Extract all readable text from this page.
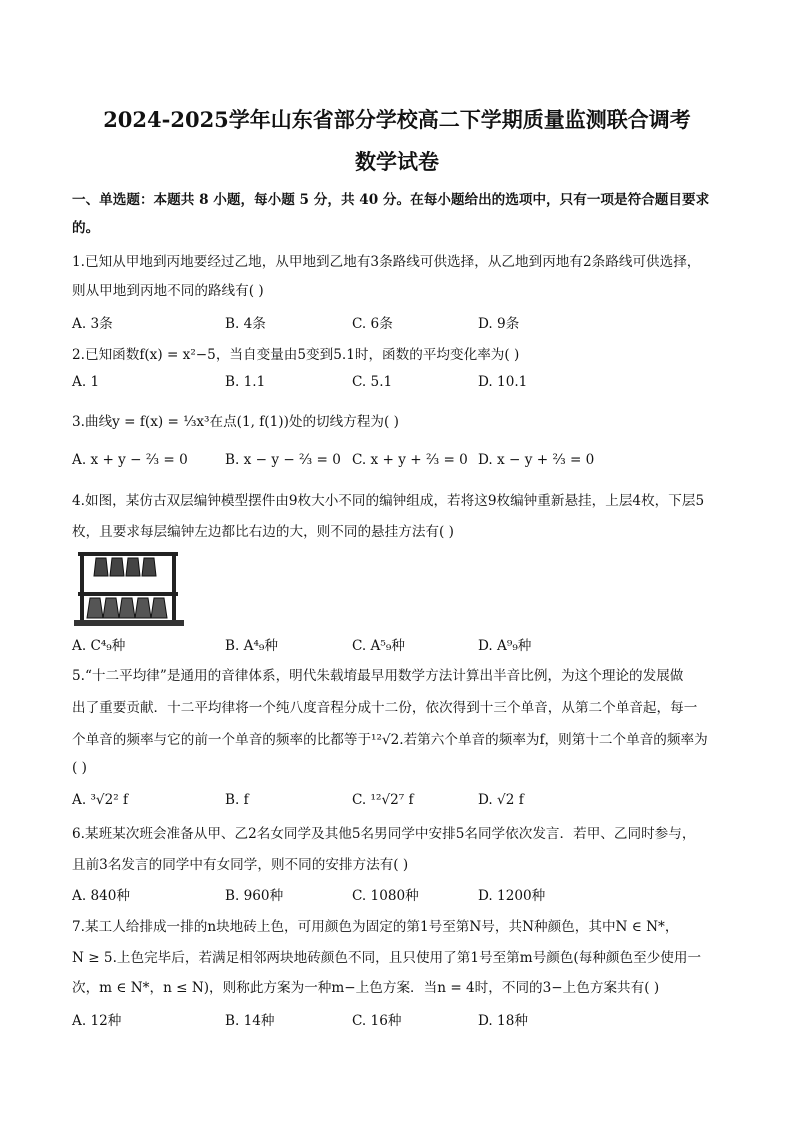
2024-2025学年山东省部分学校高二下学期质量监测联合调考
数学试卷
一、单选题：本题共 8 小题，每小题 5 分，共 40 分。在每小题给出的选项中，只有一项是符合题目要求
的。
1.已知从甲地到丙地要经过乙地，从甲地到乙地有3条路线可供选择，从乙地到丙地有2条路线可供选择，
则从甲地到丙地不同的路线有( )
A. 3条	B. 4条	C. 6条	D. 9条
2.已知函数f(x) = x²−5，当自变量由5变到5.1时，函数的平均变化率为( )
A. 1	B. 1.1	C. 5.1	D. 10.1
3.曲线y = f(x) = ⅓x³在点(1, f(1))处的切线方程为( )
A. x + y − ⅔ = 0	B. x − y − ⅔ = 0 C. x + y + ⅔ = 0 D. x − y + ⅔ = 0
4.如图，某仿古双层编钟模型摆件由9枚大小不同的编钟组成，若将这9枚编钟重新悬挂，上层4枚，下层5
枚，且要求每层编钟左边都比右边的大，则不同的悬挂方法有( )
A. C⁴₉种	B. A⁴₉种	C. A⁵₉种	D. A⁹₉种
5.“十二平均律”是通用的音律体系，明代朱载堉最早用数学方法计算出半音比例，为这个理论的发展做
出了重要贡献．十二平均律将一个纯八度音程分成十二份，依次得到十三个单音，从第二个单音起，每一
个单音的频率与它的前一个单音的频率的比都等于¹²√2.若第六个单音的频率为f，则第十二个单音的频率为
( )
A. ³√2² f	B. f	C. ¹²√2⁷ f	D. √2 f
6.某班某次班会准备从甲、乙2名女同学及其他5名男同学中安排5名同学依次发言．若甲、乙同时参与，
且前3名发言的同学中有女同学，则不同的安排方法有( )
A. 840种	B. 960种	C. 1080种	D. 1200种
7.某工人给排成一排的n块地砖上色，可用颜色为固定的第1号至第N号，共N种颜色，其中N ∈ N*，
N ≥ 5.上色完毕后，若满足相邻两块地砖颜色不同，且只使用了第1号至第m号颜色(每种颜色至少使用一
次，m ∈ N*，n ≤ N)，则称此方案为一种m−上色方案．当n = 4时，不同的3−上色方案共有( )
A. 12种	B. 14种	C. 16种	D. 18种
